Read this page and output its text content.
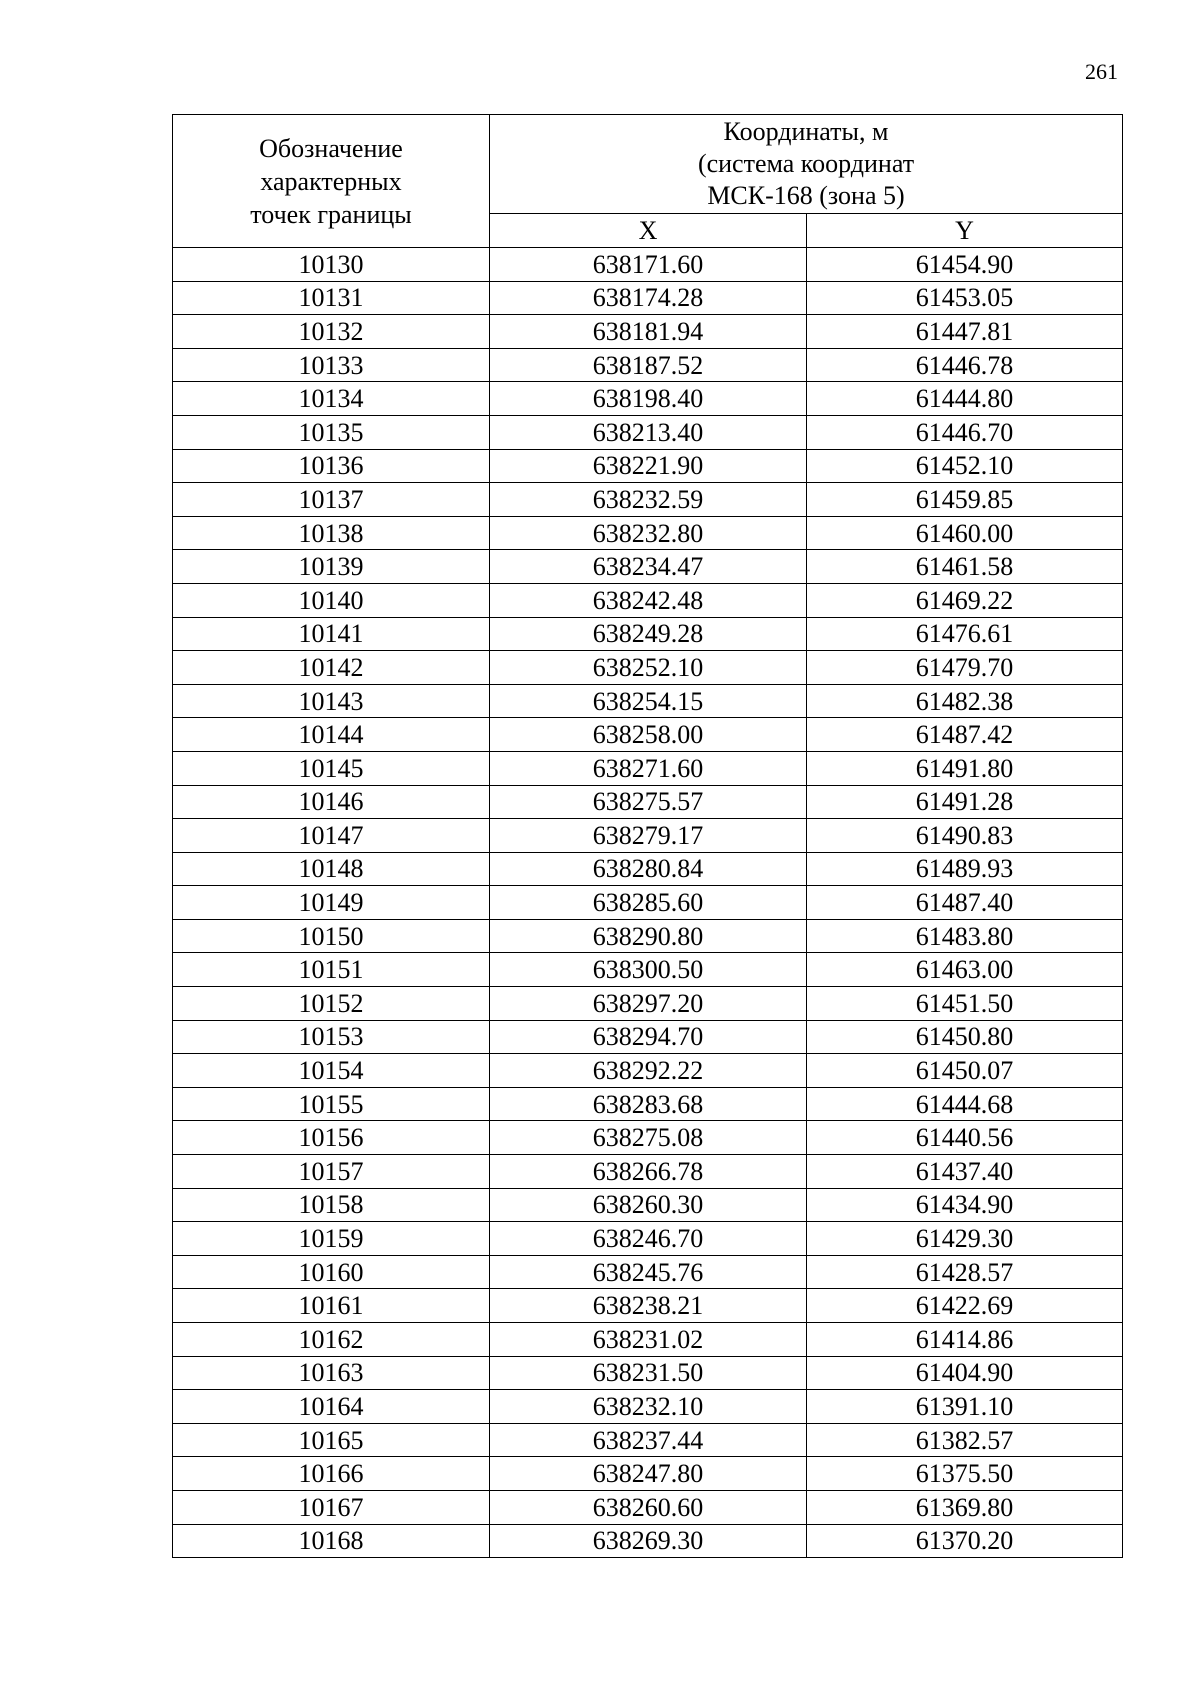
261
Обозначение
характерных
точек границы	Координаты, м
(система координат
МСК-168 (зона 5)	

	X	Y
10130	638171.60	61454.90
10131	638174.28	61453.05
10132	638181.94	61447.81
10133	638187.52	61446.78
10134	638198.40	61444.80
10135	638213.40	61446.70
10136	638221.90	61452.10
10137	638232.59	61459.85
10138	638232.80	61460.00
10139	638234.47	61461.58
10140	638242.48	61469.22
10141	638249.28	61476.61
10142	638252.10	61479.70
10143	638254.15	61482.38
10144	638258.00	61487.42
10145	638271.60	61491.80
10146	638275.57	61491.28
10147	638279.17	61490.83
10148	638280.84	61489.93
10149	638285.60	61487.40
10150	638290.80	61483.80
10151	638300.50	61463.00
10152	638297.20	61451.50
10153	638294.70	61450.80
10154	638292.22	61450.07
10155	638283.68	61444.68
10156	638275.08	61440.56
10157	638266.78	61437.40
10158	638260.30	61434.90
10159	638246.70	61429.30
10160	638245.76	61428.57
10161	638238.21	61422.69
10162	638231.02	61414.86
10163	638231.50	61404.90
10164	638232.10	61391.10
10165	638237.44	61382.57
10166	638247.80	61375.50
10167	638260.60	61369.80
10168	638269.30	61370.20
